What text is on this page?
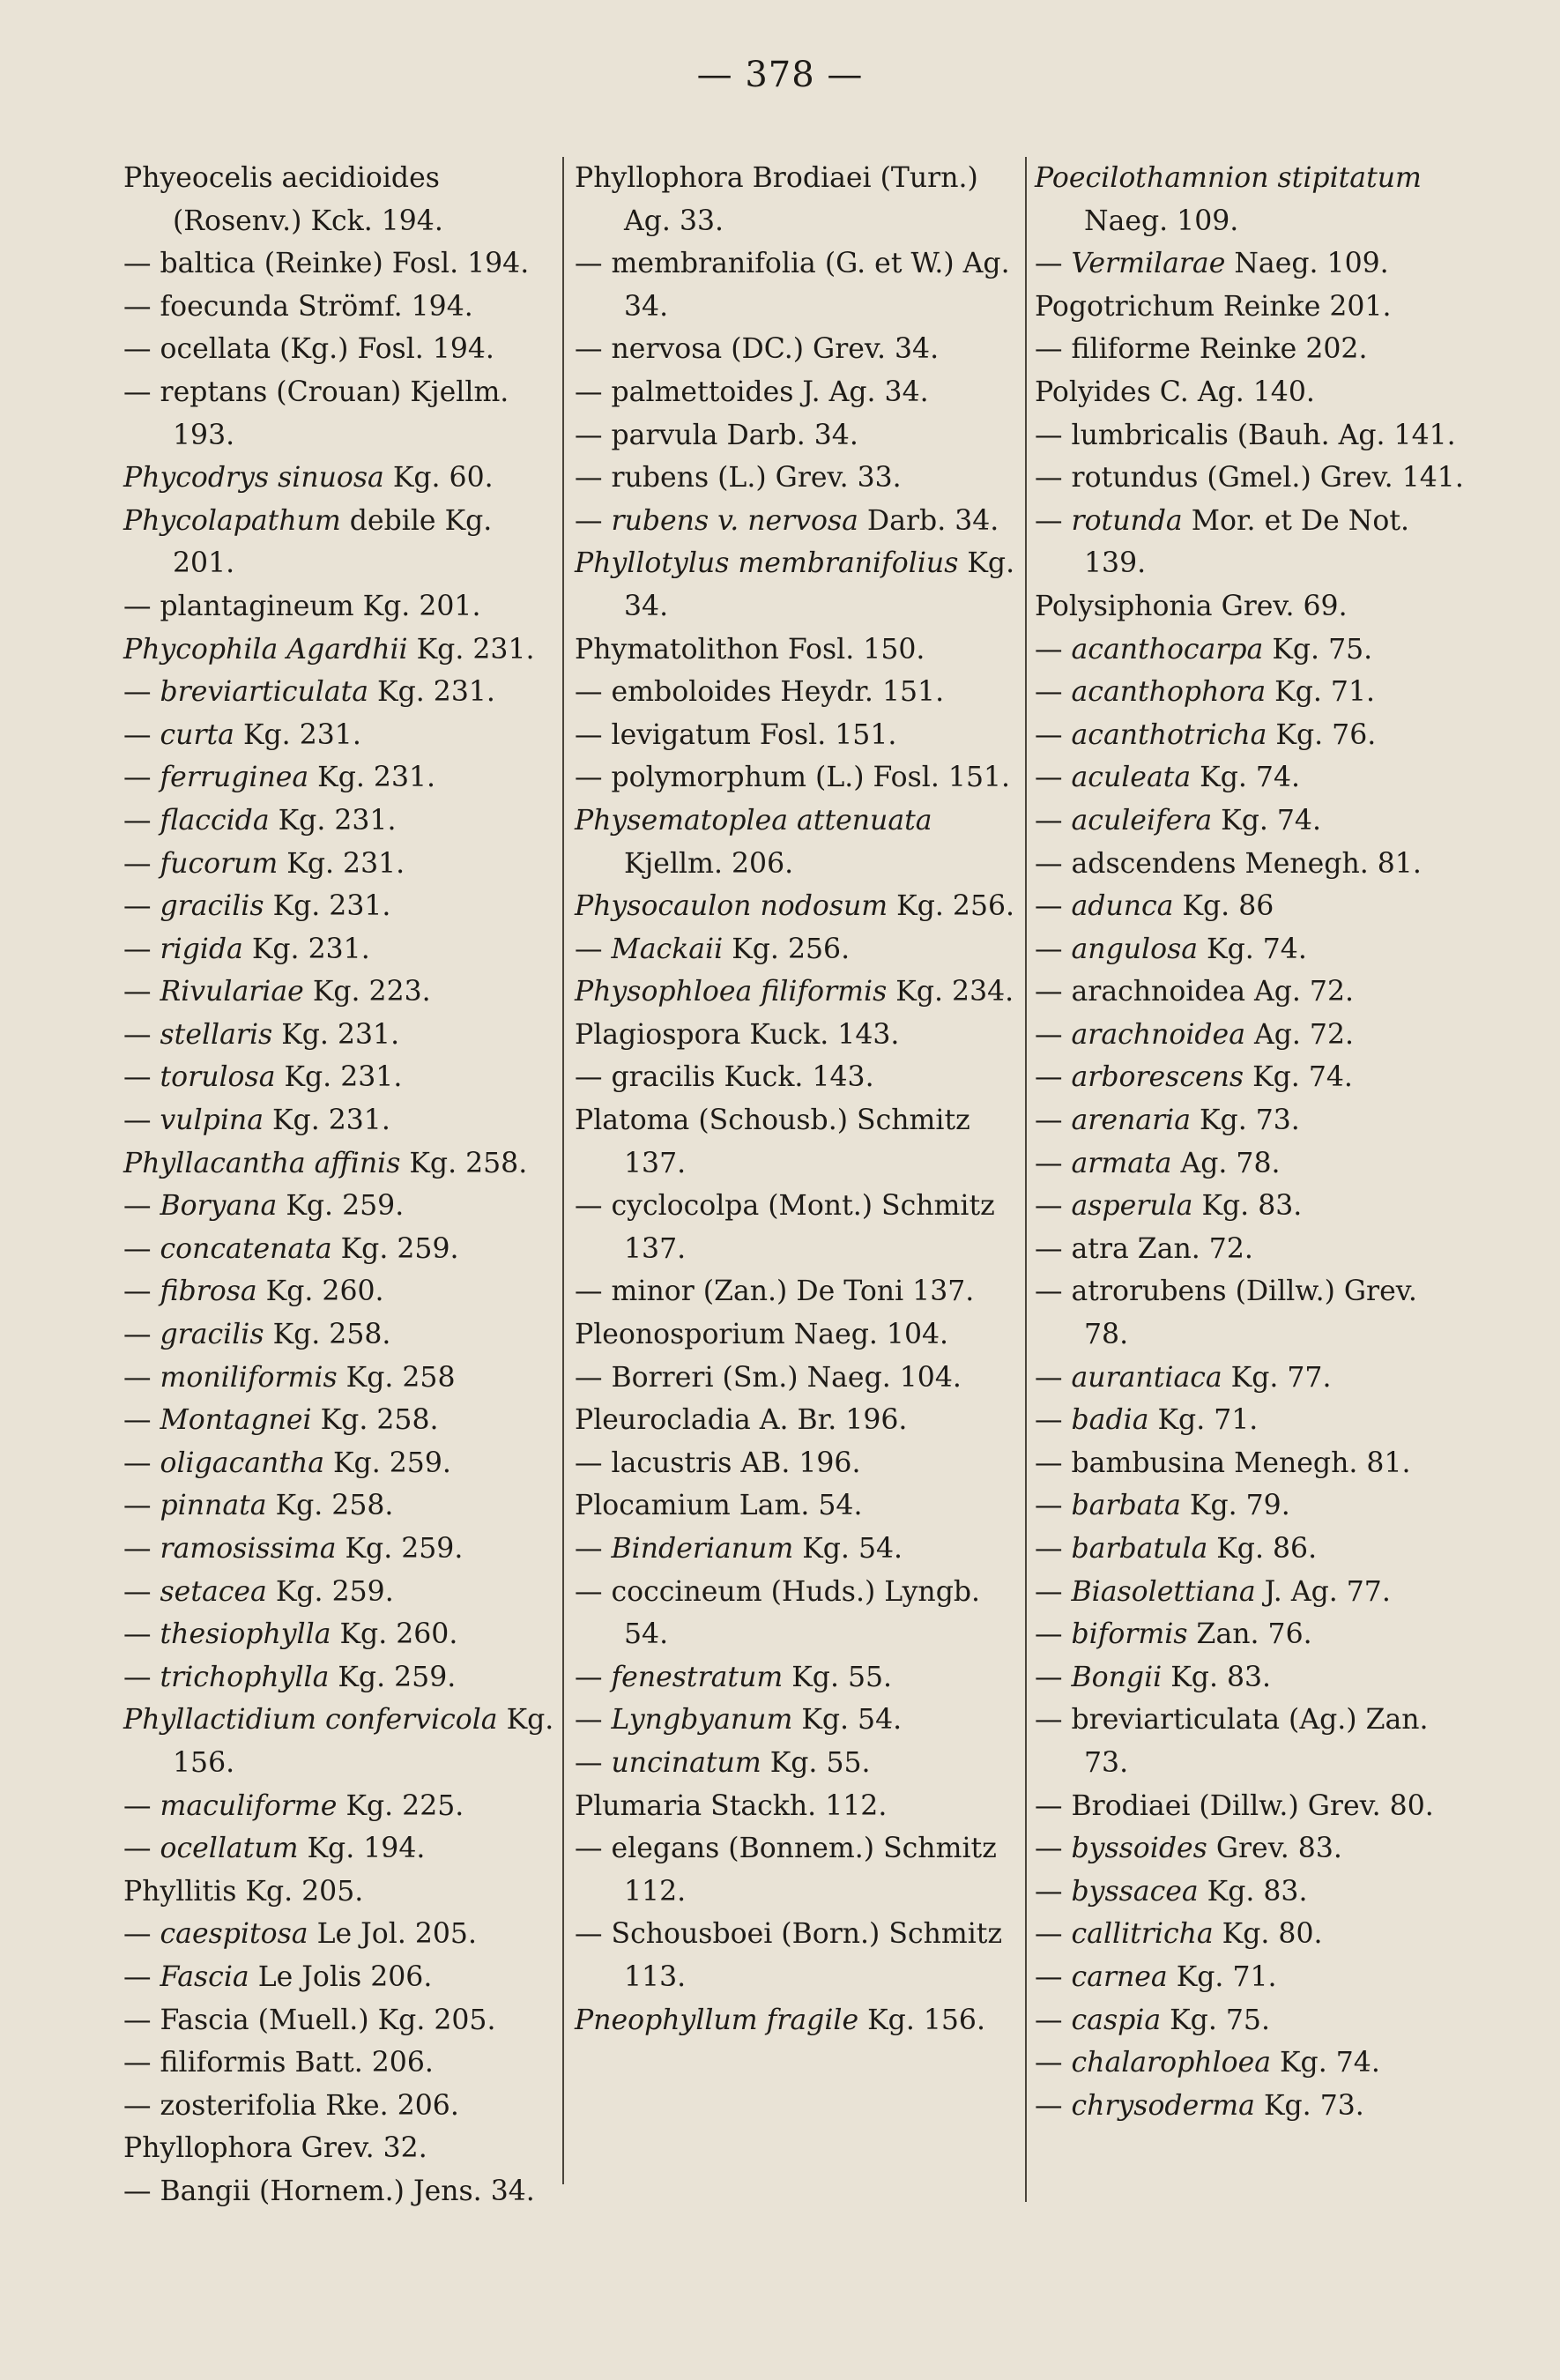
— 378 —
Phyeocelis aecidioides (Rosenv.) Kck. 194.
— baltica (Reinke) Fosl. 194.
— foecunda Strömf. 194.
— ocellata (Kg.) Fosl. 194.
— reptans (Crouan) Kjellm. 193.
Phycodrys sinuosa Kg. 60.
Phycolapathum debile Kg. 201.
— plantagineum Kg. 201.
Phycophila Agardhii Kg. 231.
— breviarticulata Kg. 231.
— curta Kg. 231.
— ferruginea Kg. 231.
— flaccida Kg. 231.
— fucorum Kg. 231.
— gracilis Kg. 231.
— rigida Kg. 231.
— Rivulariae Kg. 223.
— stellaris Kg. 231.
— torulosa Kg. 231.
— vulpina Kg. 231.
Phyllacantha affinis Kg. 258.
— Boryana Kg. 259.
— concatenata Kg. 259.
— fibrosa Kg. 260.
— gracilis Kg. 258.
— moniliformis Kg. 258
— Montagnei Kg. 258.
— oligacantha Kg. 259.
— pinnata Kg. 258.
— ramosissima Kg. 259.
— setacea Kg. 259.
— thesiophylla Kg. 260.
— trichophylla Kg. 259.
Phyllactidium confervicola Kg. 156.
— maculiforme Kg. 225.
— ocellatum Kg. 194.
Phyllitis Kg. 205.
— caespitosa Le Jol. 205.
— Fascia Le Jolis 206.
— Fascia (Muell.) Kg. 205.
— filiformis Batt. 206.
— zosterifolia Rke. 206.
Phyllophora Grev. 32.
— Bangii (Hornem.) Jens. 34.
Phyllophora Brodiaei (Turn.) Ag. 33.
— membranifolia (G. et W.) Ag. 34.
— nervosa (DC.) Grev. 34.
— palmettoides J. Ag. 34.
— parvula Darb. 34.
— rubens (L.) Grev. 33.
— rubens v. nervosa Darb. 34.
Phyllotylus membranifolius Kg. 34.
Phymatolithon Fosl. 150.
— emboloides Heydr. 151.
— levigatum Fosl. 151.
— polymorphum (L.) Fosl. 151.
Physematoplea attenuata Kjellm. 206.
Physocaulon nodosum Kg. 256.
— Mackaii Kg. 256.
Physophloea filiformis Kg. 234.
Plagiospora Kuck. 143.
— gracilis Kuck. 143.
Platoma (Schousb.) Schmitz 137.
— cyclocolpa (Mont.) Schmitz 137.
— minor (Zan.) De Toni 137.
Pleonosporium Naeg. 104.
— Borreri (Sm.) Naeg. 104.
Pleurocladia A. Br. 196.
— lacustris AB. 196.
Plocamium Lam. 54.
— Binderianum Kg. 54.
— coccineum (Huds.) Lyngb. 54.
— fenestratum Kg. 55.
— Lyngbyanum Kg. 54.
— uncinatum Kg. 55.
Plumaria Stackh. 112.
— elegans (Bonnem.) Schmitz 112.
— Schousboei (Born.) Schmitz 113.
Pneophyllum fragile Kg. 156.
Poecilothamnion stipitatum Naeg. 109.
— Vermilarae Naeg. 109.
Pogotrichum Reinke 201.
— filiforme Reinke 202.
Polyides C. Ag. 140.
— lumbricalis (Bauh. Ag. 141.
— rotundus (Gmel.) Grev. 141.
— rotunda Mor. et De Not. 139.
Polysiphonia Grev. 69.
— acanthocarpa Kg. 75.
— acanthophora Kg. 71.
— acanthotricha Kg. 76.
— aculeata Kg. 74.
— aculeifera Kg. 74.
— adscendens Menegh. 81.
— adunca Kg. 86
— angulosa Kg. 74.
— arachnoidea Ag. 72.
— arachnoidea Ag. 72.
— arborescens Kg. 74.
— arenaria Kg. 73.
— armata Ag. 78.
— asperula Kg. 83.
— atra Zan. 72.
— atrorubens (Dillw.) Grev. 78.
— aurantiaca Kg. 77.
— badia Kg. 71.
— bambusina Menegh. 81.
— barbata Kg. 79.
— barbatula Kg. 86.
— Biasolettiana J. Ag. 77.
— biformis Zan. 76.
— Bongii Kg. 83.
— breviarticulata (Ag.) Zan. 73.
— Brodiaei (Dillw.) Grev. 80.
— byssoides Grev. 83.
— byssacea Kg. 83.
— callitricha Kg. 80.
— carnea Kg. 71.
— caspia Kg. 75.
— chalarophloea Kg. 74.
— chrysoderma Kg. 73.
